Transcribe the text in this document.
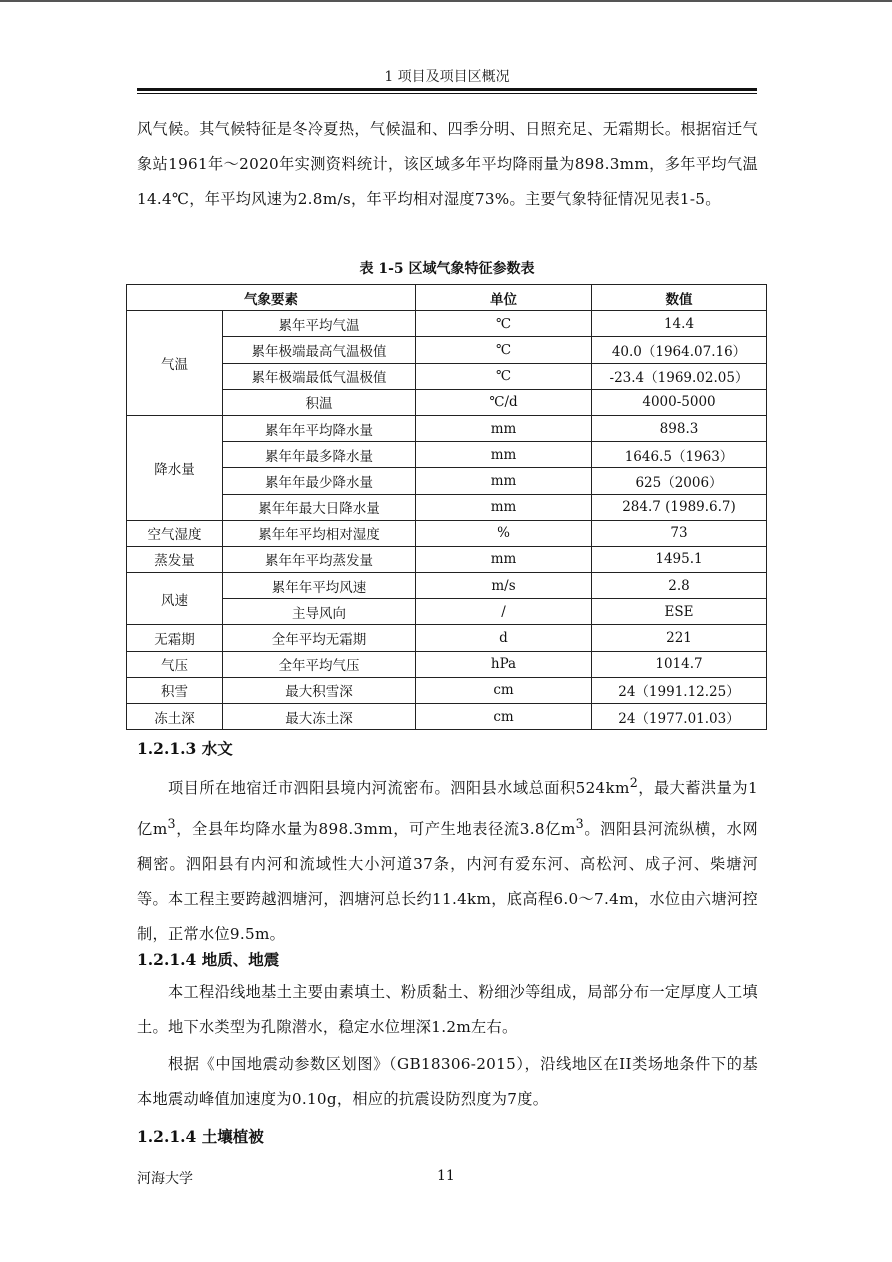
1 项目及项目区概况

风气候。其气候特征是冬冷夏热，气候温和、四季分明、日照充足、无霜期长。根据宿迁气象站1961年～2020年实测资料统计，该区域多年平均降雨量为898.3mm，多年平均气温14.4℃，年平均风速为2.8m/s，年平均相对湿度73%。主要气象特征情况见表1-5。

表 1-5 区域气象特征参数表
气象要素		单位	数值
气温	累年平均气温	℃	14.4
	累年极端最高气温极值	℃	40.0（1964.07.16）
	累年极端最低气温极值	℃	-23.4（1969.02.05）
	积温	℃/d	4000-5000
降水量	累年年平均降水量	mm	898.3
	累年年最多降水量	mm	1646.5（1963）
	累年年最少降水量	mm	625（2006）
	累年年最大日降水量	mm	284.7 (1989.6.7)
空气湿度	累年年平均相对湿度	%	73
蒸发量	累年年平均蒸发量	mm	1495.1
风速	累年年平均风速	m/s	2.8
	主导风向	/	ESE
无霜期	全年平均无霜期	d	221
气压	全年平均气压	hPa	1014.7
积雪	最大积雪深	cm	24（1991.12.25）
冻土深	最大冻土深	cm	24（1977.01.03）
1.2.1.3 水文

项目所在地宿迁市泗阳县境内河流密布。泗阳县水域总面积$524km^2$，最大蓄洪量为1亿$m^3$，全县年均降水量为898.3mm，可产生地表径流3.8亿$m^3$。泗阳县河流纵横，水网稠密。泗阳县有内河和流域性大小河道37条，内河有爱东河、高松河、成子河、柴塘河等。本工程主要跨越泗塘河，泗塘河总长约11.4km，底高程6.0～7.4m，水位由六塘河控制，正常水位9.5m。

1.2.1.4 地质、地震

本工程沿线地基土主要由素填土、粉质黏土、粉细沙等组成，局部分布一定厚度人工填土。地下水类型为孔隙潜水，稳定水位埋深1.2m左右。

根据《中国地震动参数区划图》（GB18306-2015），沿线地区在II类场地条件下的基本地震动峰值加速度为0.10g，相应的抗震设防烈度为7度。

1.2.1.4 土壤植被
河海大学	11
